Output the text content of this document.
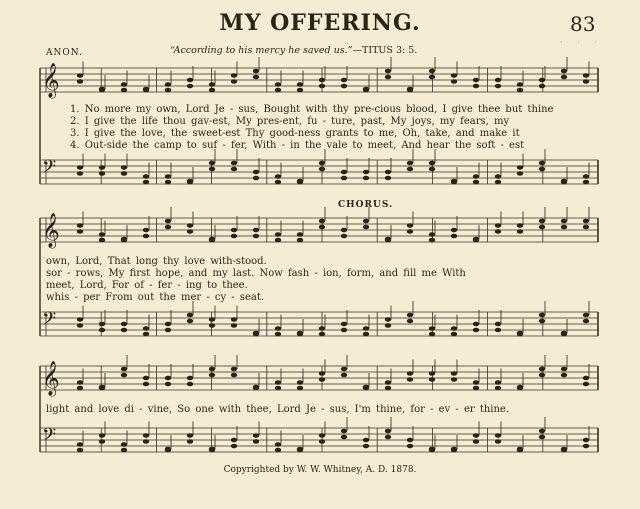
𝄞
𝄢
𝄞
𝄢
𝄞
𝄢
MY OFFERING.	83
· · ·
ANON.	“According to his mercy he saved us.”—TITUS 3: 5.
1. No more my own, Lord Je - sus, Bought with thy pre-cious blood, I give thee but thine
2. I give the life thou gav-est, My pres-ent, fu - ture, past, My joys, my fears, my
3. I give the love, the sweet-est Thy good-ness grants to me, Oh, take, and make it
4. Out-side the camp to suf - fer, With - in the vale to meet, And hear the soft - est
CHORUS.
own, Lord, That long thy love with-stood.
sor - rows, My first hope, and my last. Now fash - ion, form, and fill me With
meet, Lord, For of - fer - ing to thee.
whis - per From out the mer - cy - seat.
light and love di - vine, So one with thee, Lord Je - sus, I'm thine, for - ev - er thine.
Copyrighted by W. W. Whitney, A. D. 1878.
